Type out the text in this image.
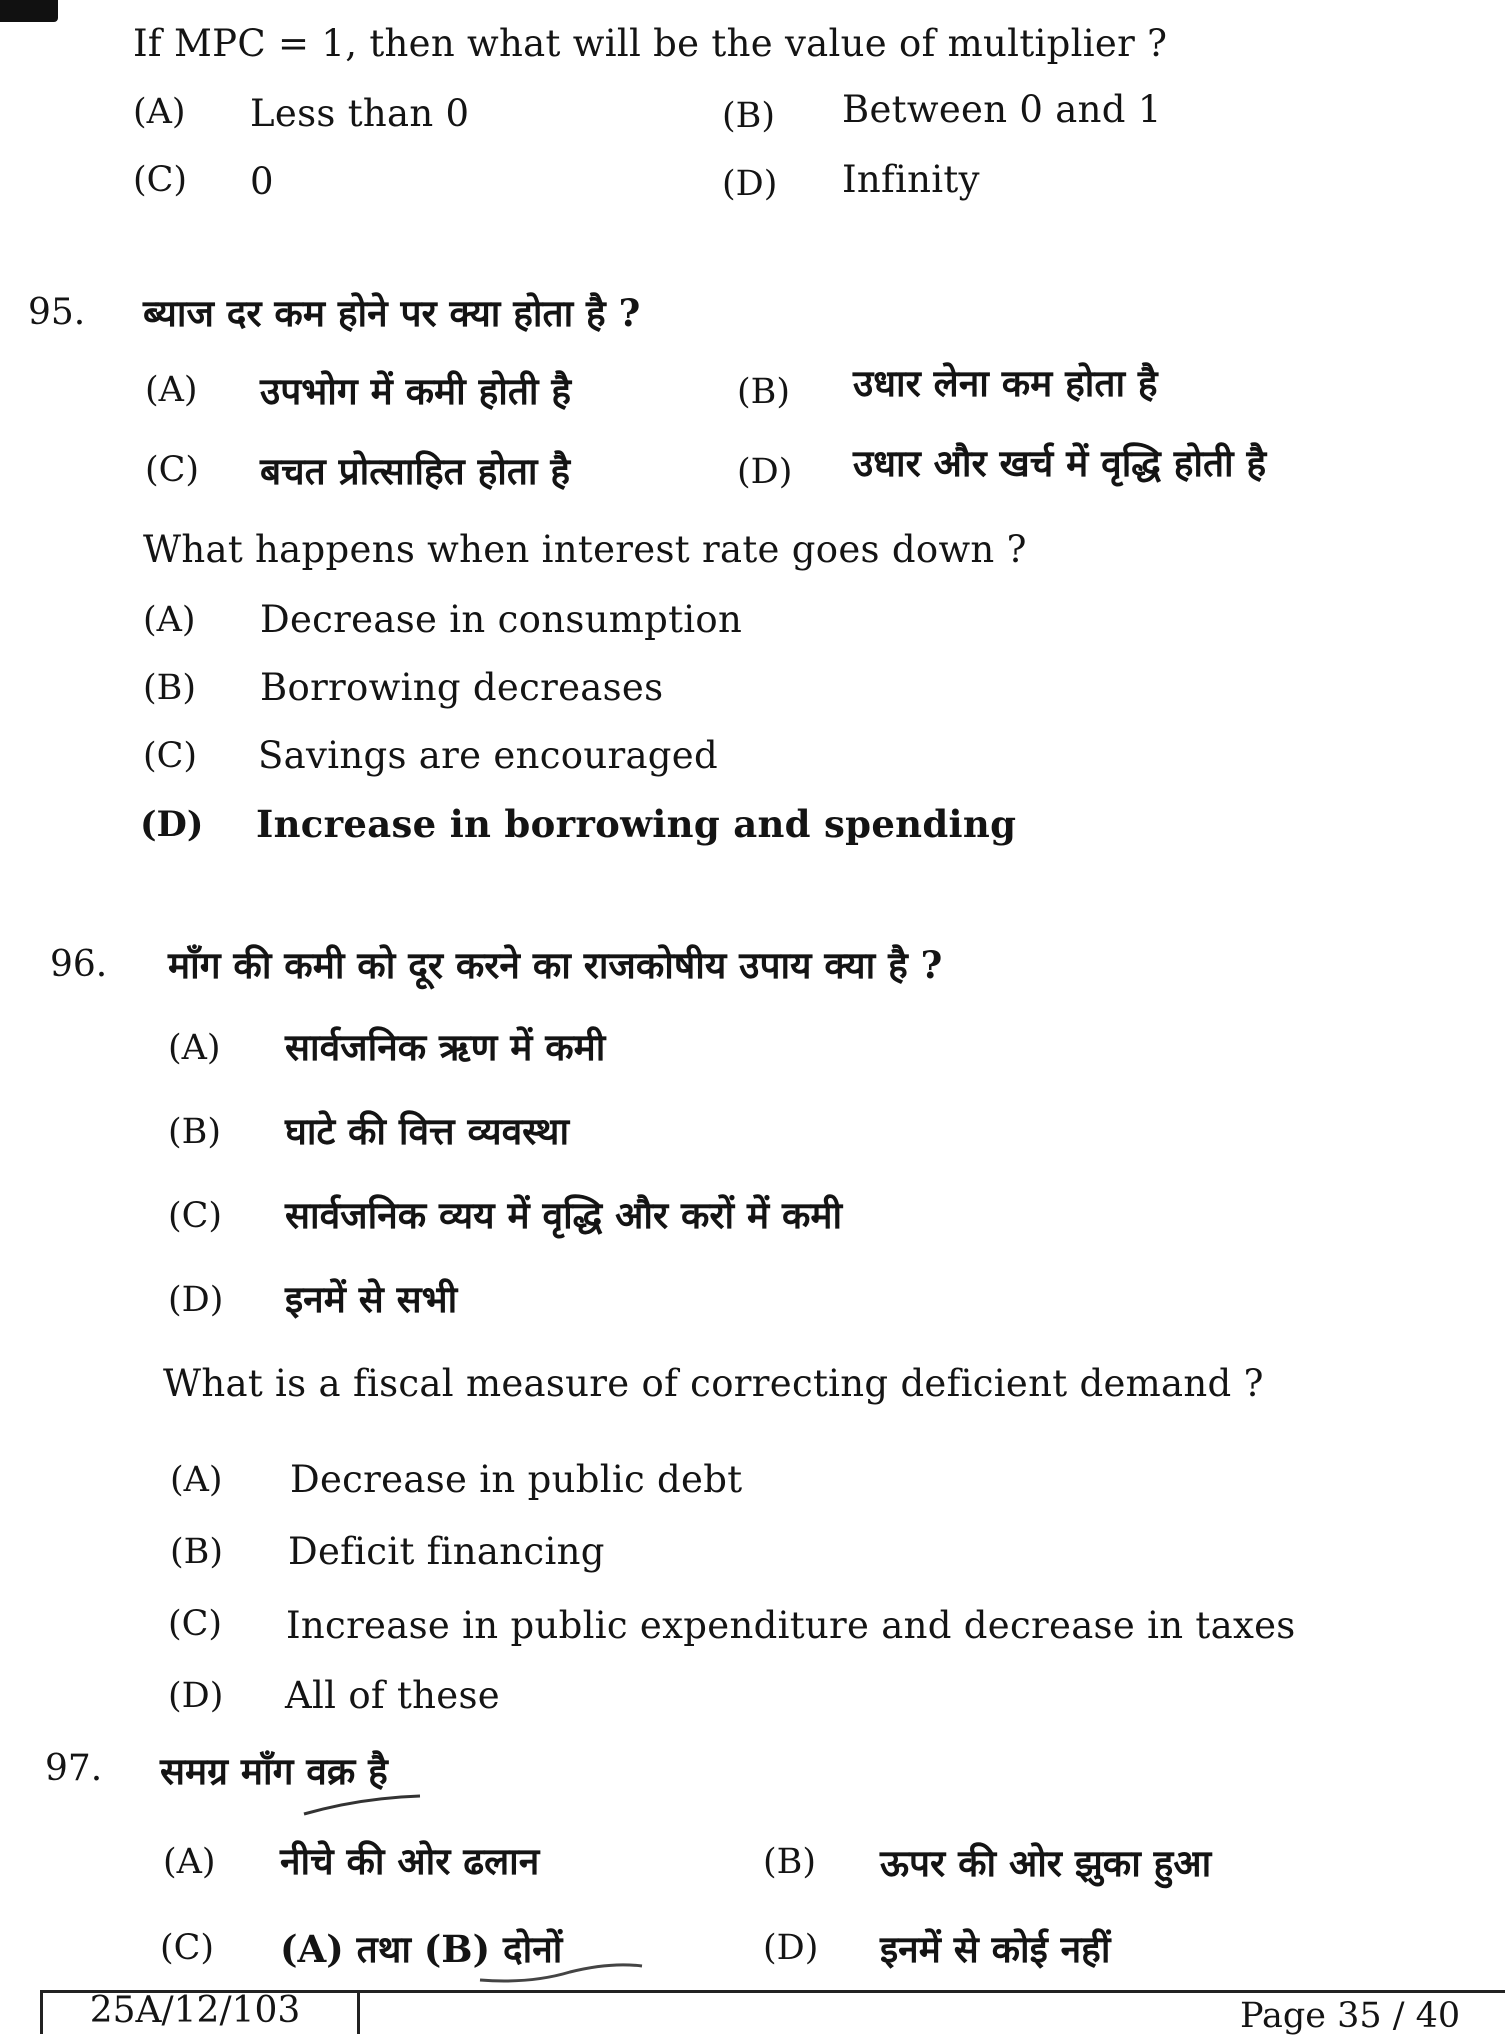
If MPC = 1, then what will be the value of multiplier ?
(A) Less than 0	(B) Between 0 and 1
(C) 0	(D) Infinity
95. ब्याज दर कम होने पर क्या होता है ?
(A) उपभोग में कमी होती है	(B) उधार लेना कम होता है
(C) बचत प्रोत्साहित होता है	(D) उधार और खर्च में वृद्धि होती है
What happens when interest rate goes down ?
(A) Decrease in consumption
(B) Borrowing decreases
(C) Savings are encouraged
(D) Increase in borrowing and spending
96. माँग की कमी को दूर करने का राजकोषीय उपाय क्या है ?
(A) सार्वजनिक ऋण में कमी
(B) घाटे की वित्त व्यवस्था
(C) सार्वजनिक व्यय में वृद्धि और करों में कमी
(D) इनमें से सभी
What is a fiscal measure of correcting deficient demand ?
(A) Decrease in public debt
(B) Deficit financing
(C) Increase in public expenditure and decrease in taxes
(D) All of these
97. समग्र माँग वक्र है
(A) नीचे की ओर ढलान	(B) ऊपर की ओर झुका हुआ
(C) (A) तथा (B) दोनों	(D) इनमें से कोई नहीं
25A/12/103	Page 35 / 40
